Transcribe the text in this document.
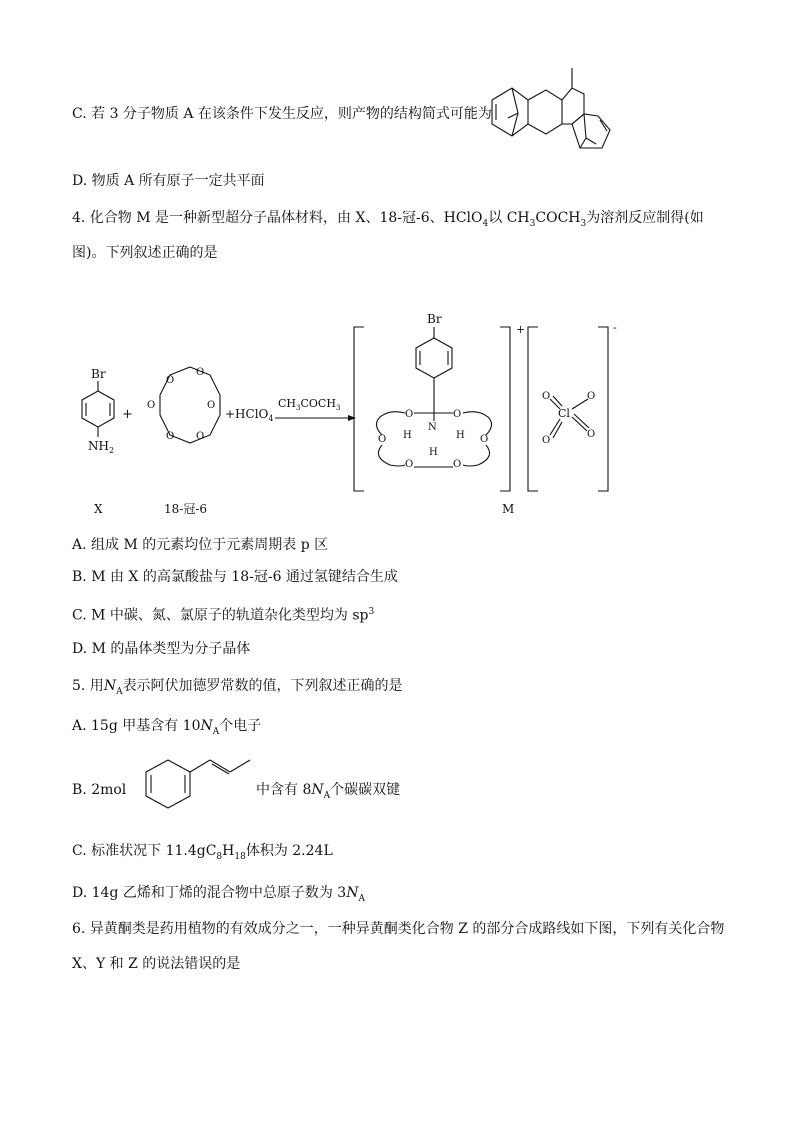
C. 若 3 分子物质 A 在该条件下发生反应，则产物的结构简式可能为
D. 物质 A 所有原子一定共平面
4. 化合物 M 是一种新型超分子晶体材料，由 X、18-冠-6、HClO$_4$以 $CH_3COCH_3$为溶剂反应制得(如
图)。下列叙述正确的是
Br
$NH_2$
+
O
O
O
O
O
O
+HClO$_4$
$CH_3COCH_3$
X	18-冠-6
+
Br
N
H	H
H
O	O
O	O
O	O
-
Cl
O	O
O
O
M
A. 组成 M 的元素均位于元素周期表 p 区
B. M 由 X 的高氯酸盐与 18-冠-6 通过氢键结合生成
C. M 中碳、氮、氯原子的轨道杂化类型均为 $sp^3$
D. M 的晶体类型为分子晶体
5. 用$N_A$表示阿伏加德罗常数的值，下列叙述正确的是
A. 15g 甲基含有 $10N_A$个电子
B. 2mol	中含有 $8N_A$个碳碳双键
C. 标准状况下 $11.4gC_8H_{18}$体积为 2.24L
D. 14g 乙烯和丁烯的混合物中总原子数为 $3N_A$
6. 异黄酮类是药用植物的有效成分之一，一种异黄酮类化合物 Z 的部分合成路线如下图，下列有关化合物
X、Y 和 Z 的说法错误的是
